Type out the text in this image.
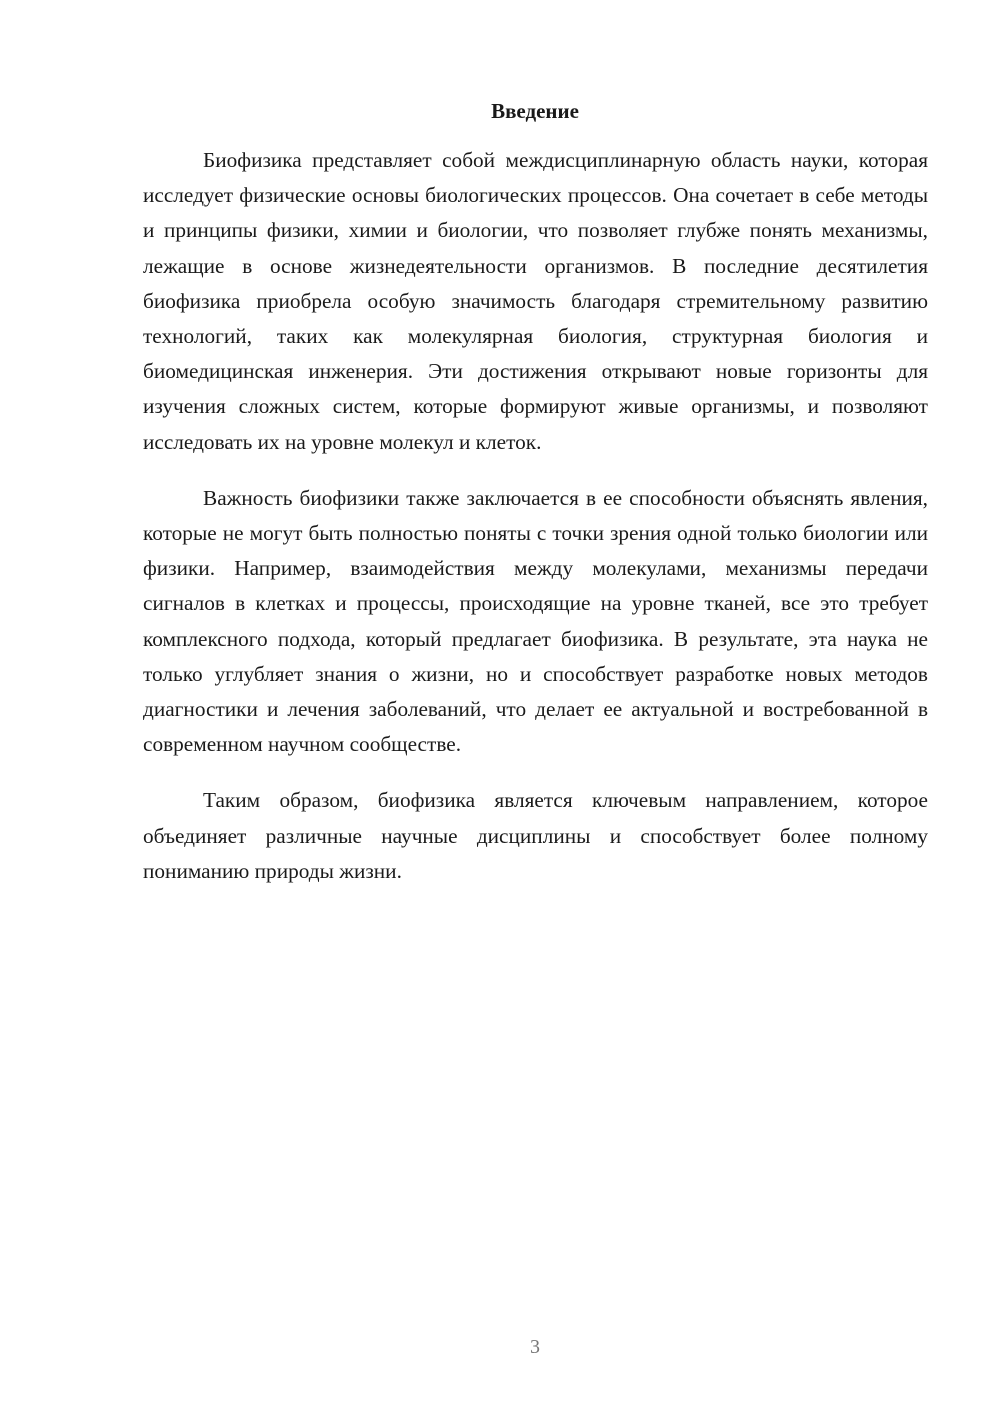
Введение

Биофизика представляет собой междисциплинарную область науки, которая исследует физические основы биологических процессов. Она сочетает в себе методы и принципы физики, химии и биологии, что позволяет глубже понять механизмы, лежащие в основе жизнедеятельности организмов. В последние десятилетия биофизика приобрела особую значимость благодаря стремительному развитию технологий, таких как молекулярная биология, структурная биология и биомедицинская инженерия. Эти достижения открывают новые горизонты для изучения сложных систем, которые формируют живые организмы, и позволяют исследовать их на уровне молекул и клеток.

Важность биофизики также заключается в ее способности объяснять явления, которые не могут быть полностью поняты с точки зрения одной только биологии или физики. Например, взаимодействия между молекулами, механизмы передачи сигналов в клетках и процессы, происходящие на уровне тканей, все это требует комплексного подхода, который предлагает биофизика. В результате, эта наука не только углубляет знания о жизни, но и способствует разработке новых методов диагностики и лечения заболеваний, что делает ее актуальной и востребованной в современном научном сообществе.

Таким образом, биофизика является ключевым направлением, которое объединяет различные научные дисциплины и способствует более полному пониманию природы жизни.

3
